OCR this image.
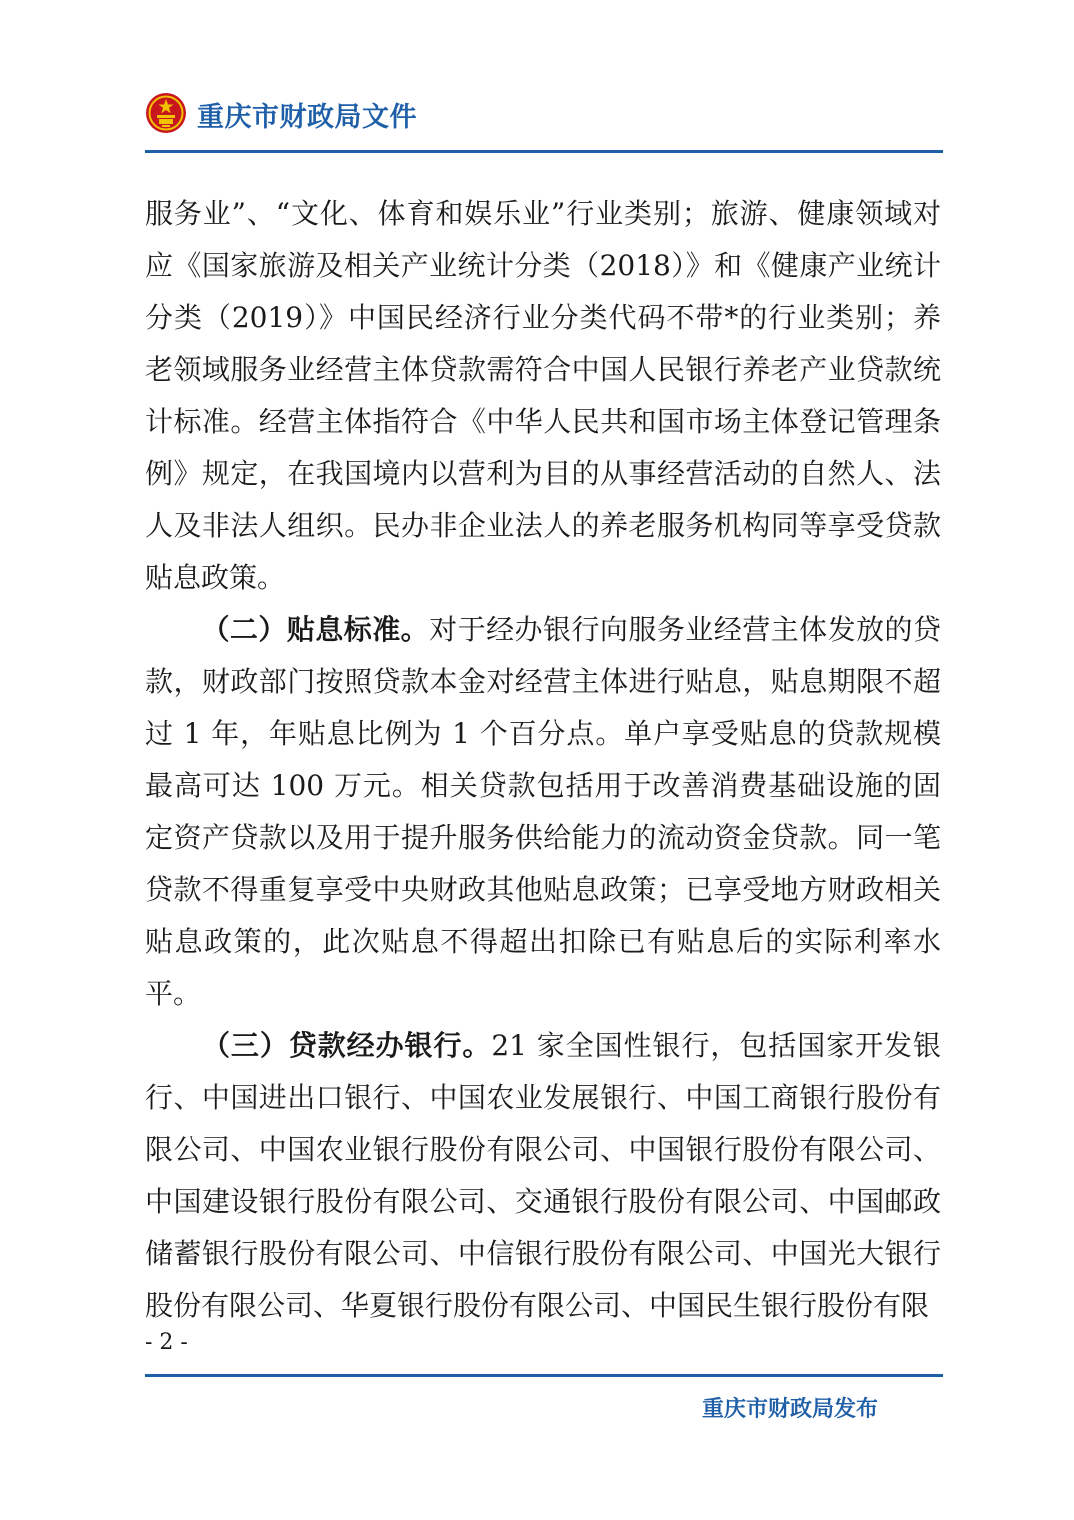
重庆市财政局文件

服务业”、“文化、体育和娱乐业”行业类别；旅游、健康领域对应《国家旅游及相关产业统计分类（2018）》和《健康产业统计分类（2019）》中国民经济行业分类代码不带*的行业类别；养老领域服务业经营主体贷款需符合中国人民银行养老产业贷款统计标准。经营主体指符合《中华人民共和国市场主体登记管理条例》规定，在我国境内以营利为目的从事经营活动的自然人、法人及非法人组织。民办非企业法人的养老服务机构同等享受贷款贴息政策。

（二）贴息标准。对于经办银行向服务业经营主体发放的贷款，财政部门按照贷款本金对经营主体进行贴息，贴息期限不超过 1 年，年贴息比例为 1 个百分点。单户享受贴息的贷款规模最高可达 100 万元。相关贷款包括用于改善消费基础设施的固定资产贷款以及用于提升服务供给能力的流动资金贷款。同一笔贷款不得重复享受中央财政其他贴息政策；已享受地方财政相关贴息政策的，此次贴息不得超出扣除已有贴息后的实际利率水平。

（三）贷款经办银行。21 家全国性银行，包括国家开发银行、中国进出口银行、中国农业发展银行、中国工商银行股份有限公司、中国农业银行股份有限公司、中国银行股份有限公司、中国建设银行股份有限公司、交通银行股份有限公司、中国邮政储蓄银行股份有限公司、中信银行股份有限公司、中国光大银行股份有限公司、华夏银行股份有限公司、中国民生银行股份有限

- 2 -
重庆市财政局发布
